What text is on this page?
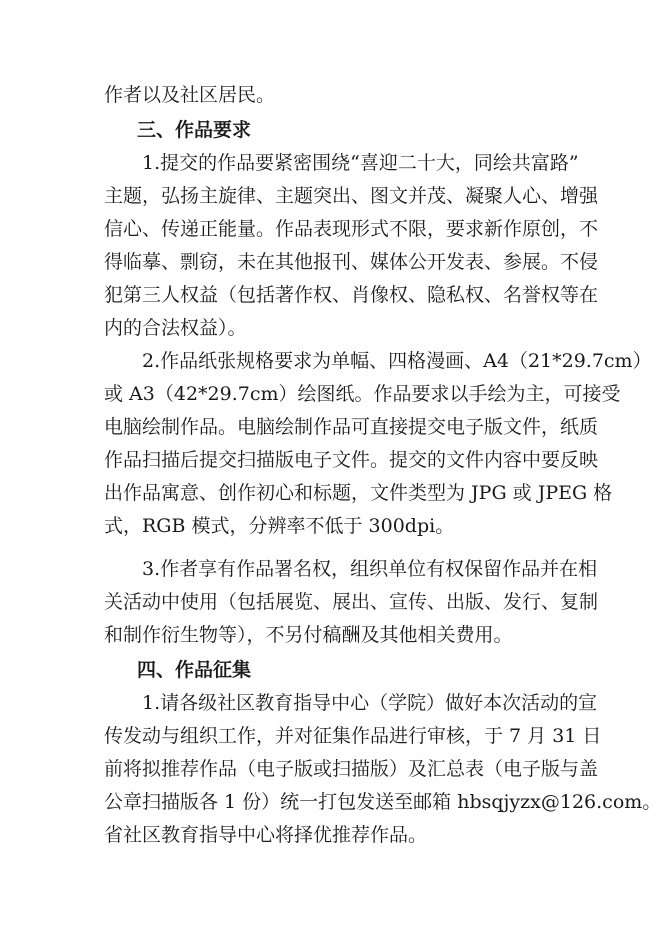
作者以及社区居民。
三、作品要求
1.提交的作品要紧密围绕“喜迎二十大，同绘共富路”
主题，弘扬主旋律、主题突出、图文并茂、凝聚人心、增强
信心、传递正能量。作品表现形式不限，要求新作原创，不
得临摹、剽窃，未在其他报刊、媒体公开发表、参展。不侵
犯第三人权益（包括著作权、肖像权、隐私权、名誉权等在
内的合法权益）。
2.作品纸张规格要求为单幅、四格漫画、A4（21*29.7cm）
或 A3（42*29.7cm）绘图纸。作品要求以手绘为主，可接受
电脑绘制作品。电脑绘制作品可直接提交电子版文件，纸质
作品扫描后提交扫描版电子文件。提交的文件内容中要反映
出作品寓意、创作初心和标题，文件类型为 JPG 或 JPEG 格
式，RGB 模式，分辨率不低于 300dpi。
3.作者享有作品署名权，组织单位有权保留作品并在相
关活动中使用（包括展览、展出、宣传、出版、发行、复制
和制作衍生物等），不另付稿酬及其他相关费用。
四、作品征集
1.请各级社区教育指导中心（学院）做好本次活动的宣
传发动与组织工作，并对征集作品进行审核，于 7 月 31 日
前将拟推荐作品（电子版或扫描版）及汇总表（电子版与盖
公章扫描版各 1 份）统一打包发送至邮箱 hbsqjyzx@126.com。
省社区教育指导中心将择优推荐作品。
